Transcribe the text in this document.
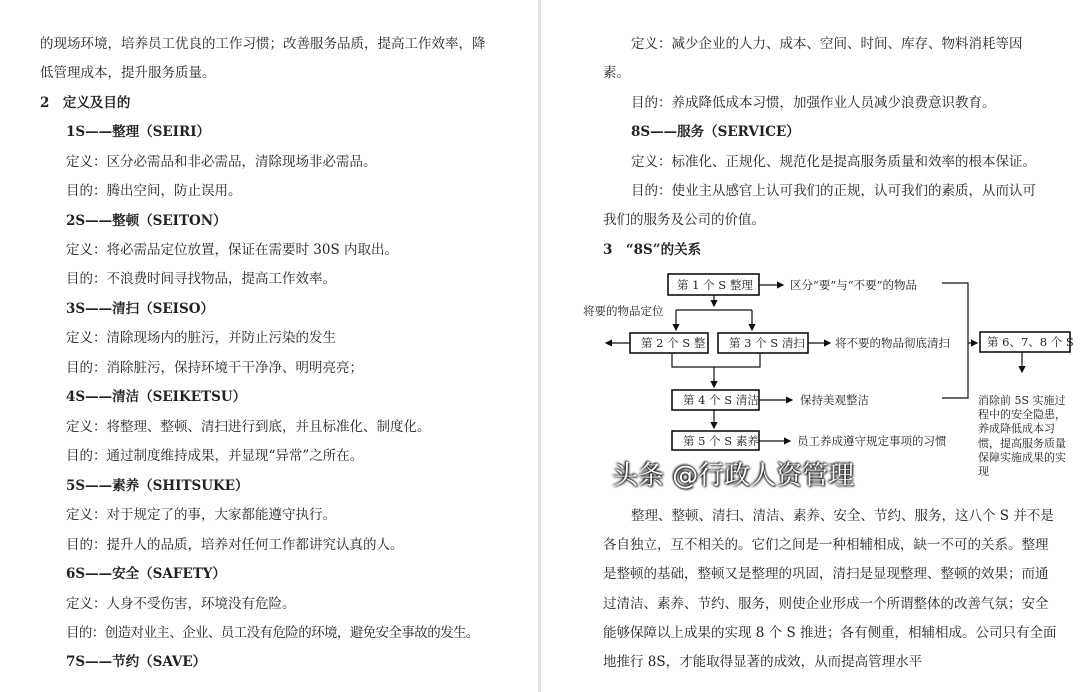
的现场环境，培养员工优良的工作习惯；改善服务品质，提高工作效率，降
低管理成本，提升服务质量。
2　定义及目的
1S——整理（SEIRI）
定义：区分必需品和非必需品，清除现场非必需品。
目的：腾出空间，防止误用。
2S——整顿（SEITON）
定义：将必需品定位放置，保证在需要时 30S 内取出。
目的：不浪费时间寻找物品，提高工作效率。
3S——清扫（SEISO）
定义：清除现场内的脏污，并防止污染的发生
目的：消除脏污，保持环境干干净净、明明亮亮；
4S——清洁（SEIKETSU）
定义：将整理、整顿、清扫进行到底，并且标准化、制度化。
目的：通过制度维持成果，并显现“异常”之所在。
5S——素养（SHITSUKE）
定义：对于规定了的事，大家都能遵守执行。
目的：提升人的品质，培养对任何工作都讲究认真的人。
6S——安全（SAFETY）
定义：人身不受伤害，环境没有危险。
目的：创造对业主、企业、员工没有危险的环境，避免安全事故的发生。
7S——节约（SAVE）
定义：减少企业的人力、成本、空间、时间、库存、物料消耗等因
素。
目的：养成降低成本习惯，加强作业人员减少浪费意识教育。
8S——服务（SERVICE）
定义：标准化、正规化、规范化是提高服务质量和效率的根本保证。
目的：使业主从感官上认可我们的正规，认可我们的素质，从而认可
我们的服务及公司的价值。
3　“8S”的关系
整理、整顿、清扫、清洁、素养、安全、节约、服务，这八个 S 并不是
各自独立，互不相关的。它们之间是一种相辅相成，缺一不可的关系。整理
是整顿的基础，整顿又是整理的巩固，清扫是显现整理、整顿的效果；而通
过清洁、素养、节约、服务，则使企业形成一个所谓整体的改善气氛；安全
能够保障以上成果的实现 8 个 S 推进；各有侧重，相辅相成。公司只有全面
地推行 8S，才能取得显著的成效，从而提高管理水平
第 1 个 S 整理
第 2 个 S 整 第 3 个 S 清扫
第 4 个 S 清洁
第 5 个 S 素养
第 6、7、8 个 S
区分“要”与“不要”的物品
将要的物品定位
将不要的物品彻底清扫
保持美观整洁
员工养成遵守规定事项的习惯
消除前 5S 实施过
程中的安全隐患，
养成降低成本习
惯，提高服务质量
保障实施成果的实
现
头条 @行政人资管理
